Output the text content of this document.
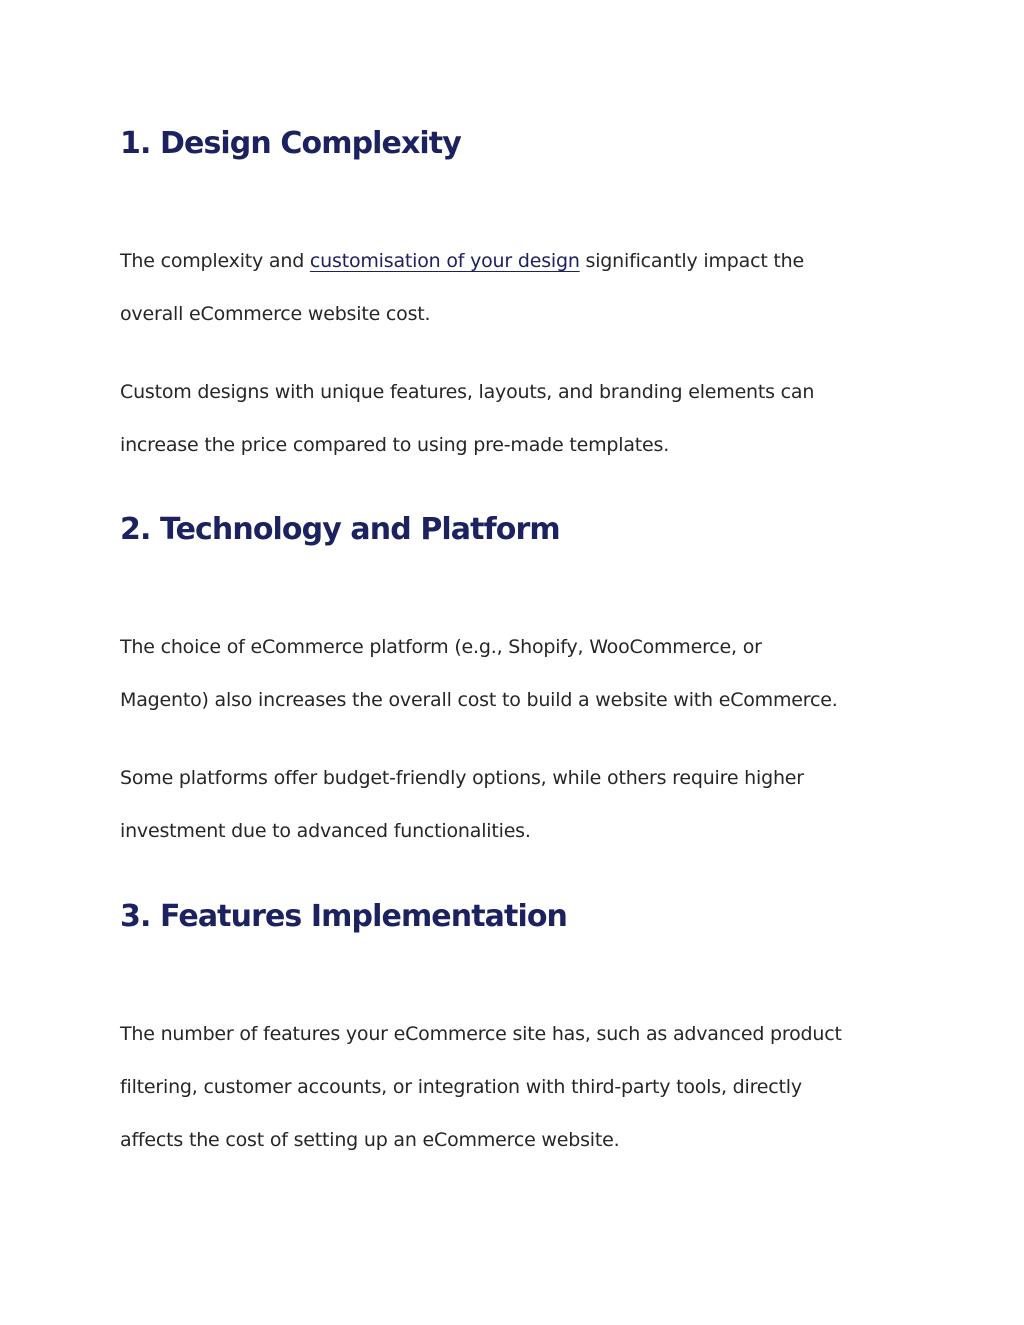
1. Design Complexity

The complexity and customisation of your design significantly impact the
overall eCommerce website cost.

Custom designs with unique features, layouts, and branding elements can
increase the price compared to using pre-made templates.

2. Technology and Platform

The choice of eCommerce platform (e.g., Shopify, WooCommerce, or
Magento) also increases the overall cost to build a website with eCommerce.

Some platforms offer budget-friendly options, while others require higher
investment due to advanced functionalities.

3. Features Implementation

The number of features your eCommerce site has, such as advanced product
filtering, customer accounts, or integration with third-party tools, directly
affects the cost of setting up an eCommerce website.
